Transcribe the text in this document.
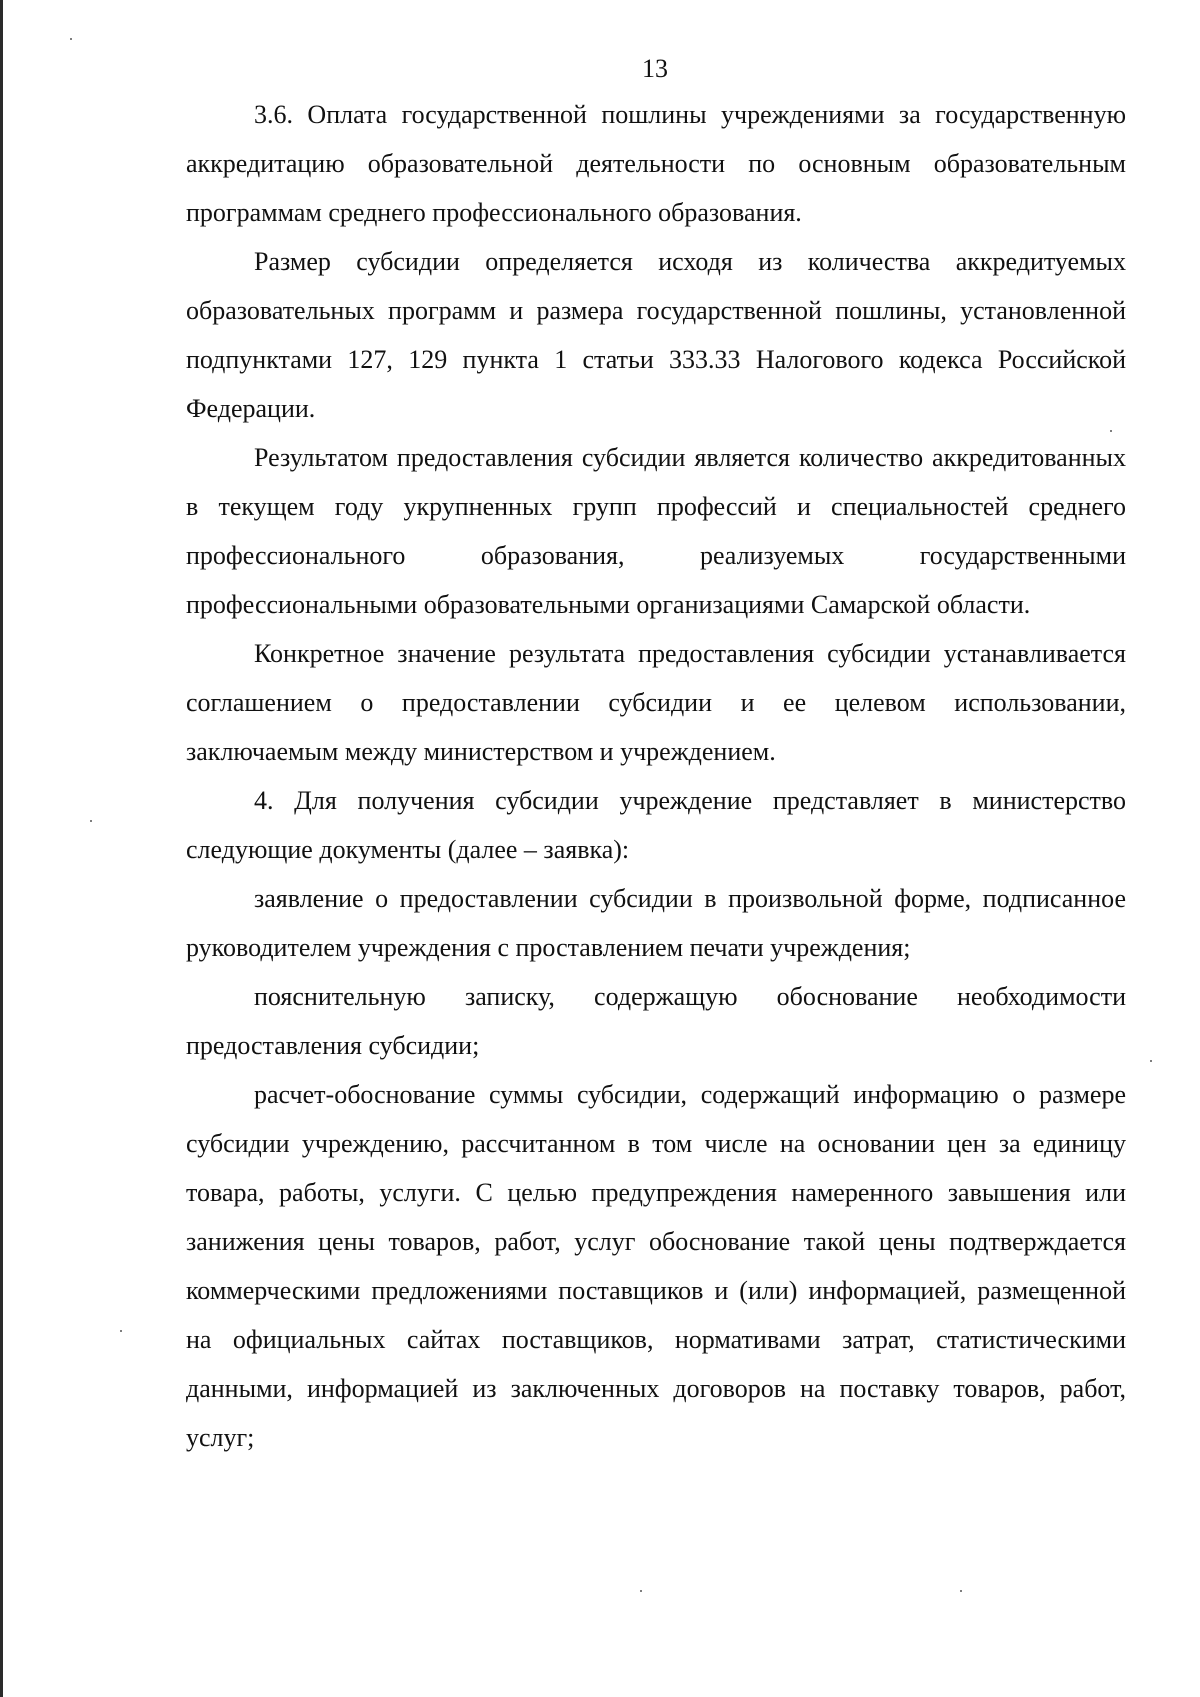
13

3.6. Оплата государственной пошлины учреждениями за государственную аккредитацию образовательной деятельности по основным образовательным программам среднего профессионального образования.

Размер субсидии определяется исходя из количества аккредитуемых образовательных программ и размера государственной пошлины, установленной подпунктами 127, 129 пункта 1 статьи 333.33 Налогового кодекса Российской Федерации.

Результатом предоставления субсидии является количество аккредитованных в текущем году укрупненных групп профессий и специальностей среднего профессионального образования, реализуемых государственными профессиональными образовательными организациями Самарской области.

Конкретное значение результата предоставления субсидии устанавливается соглашением о предоставлении субсидии и ее целевом использовании, заключаемым между министерством и учреждением.

4. Для получения субсидии учреждение представляет в министерство следующие документы (далее – заявка):

заявление о предоставлении субсидии в произвольной форме, подписанное руководителем учреждения с проставлением печати учреждения;

пояснительную записку, содержащую обоснование необходимости предоставления субсидии;

расчет-обоснование суммы субсидии, содержащий информацию о размере субсидии учреждению, рассчитанном в том числе на основании цен за единицу товара, работы, услуги. С целью предупреждения намеренного завышения или занижения цены товаров, работ, услуг обоснование такой цены подтверждается коммерческими предложениями поставщиков и (или) информацией, размещенной на официальных сайтах поставщиков, нормативами затрат, статистическими данными, информацией из заключенных договоров на поставку товаров, работ, услуг;
